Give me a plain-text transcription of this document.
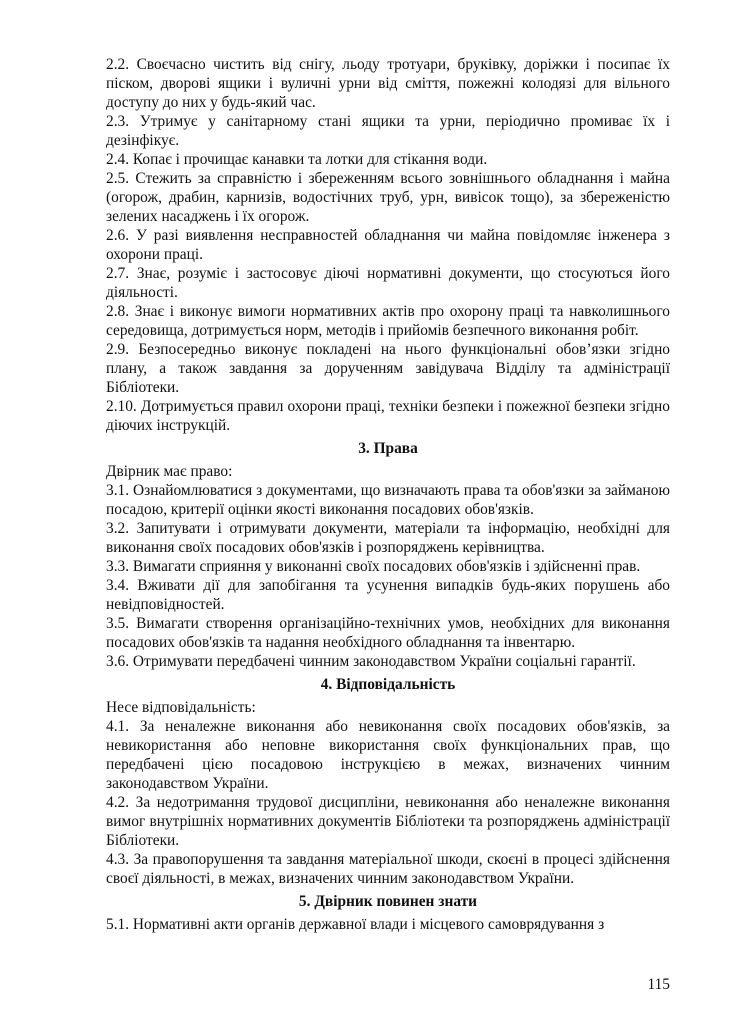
2.2. Своєчасно чистить від снігу, льоду тротуари, бруківку, доріжки і посипає їх піском, дворові ящики і вуличні урни від сміття, пожежні колодязі для вільного доступу до них у будь-який час.

2.3. Утримує у санітарному стані ящики та урни, періодично промиває їх і дезінфікує.

2.4. Копає і прочищає канавки та лотки для стікання води.

2.5. Стежить за справністю і збереженням всього зовнішнього обладнання і майна (огорож, драбин, карнизів, водостічних труб, урн, вивісок тощо), за збереженістю зелених насаджень і їх огорож.

2.6. У разі виявлення несправностей обладнання чи майна повідомляє інженера з охорони праці.

2.7. Знає, розуміє і застосовує діючі нормативні документи, що стосуються його діяльності.

2.8. Знає і виконує вимоги нормативних актів про охорону праці та навколишнього середовища, дотримується норм, методів і прийомів безпечного виконання робіт.

2.9. Безпосередньо виконує покладені на нього функціональні обов’язки згідно плану, а також завдання за дорученням завідувача Відділу та адміністрації Бібліотеки.

2.10. Дотримується правил охорони праці, техніки безпеки і пожежної безпеки згідно діючих інструкцій.

3. Права

Двірник має право:

3.1. Ознайомлюватися з документами, що визначають права та обов'язки за займаною посадою, критерії оцінки якості виконання посадових обов'язків.

3.2. Запитувати і отримувати документи, матеріали та інформацію, необхідні для виконання своїх посадових обов'язків і розпоряджень керівництва.

3.3. Вимагати сприяння у виконанні своїх посадових обов'язків і здійсненні прав.

3.4. Вживати дії для запобігання та усунення випадків будь-яких порушень або невідповідностей.

3.5. Вимагати створення організаційно-технічних умов, необхідних для виконання посадових обов'язків та надання необхідного обладнання та інвентарю.

3.6. Отримувати передбачені чинним законодавством України соціальні гарантії.

4. Відповідальність

Несе відповідальність:

4.1. За неналежне виконання або невиконання своїх посадових обов'язків, за невикористання або неповне використання своїх функціональних прав, що передбачені цією посадовою інструкцією в межах, визначених чинним законодавством України.

4.2. За недотримання трудової дисципліни, невиконання або неналежне виконання вимог внутрішніх нормативних документів Бібліотеки та розпоряджень адміністрації Бібліотеки.

4.3. За правопорушення та завдання матеріальної шкоди, скоєні в процесі здійснення своєї діяльності, в межах, визначених чинним законодавством України.

5. Двірник повинен знати

5.1. Нормативні акти органів державної влади і місцевого самоврядування з

115
